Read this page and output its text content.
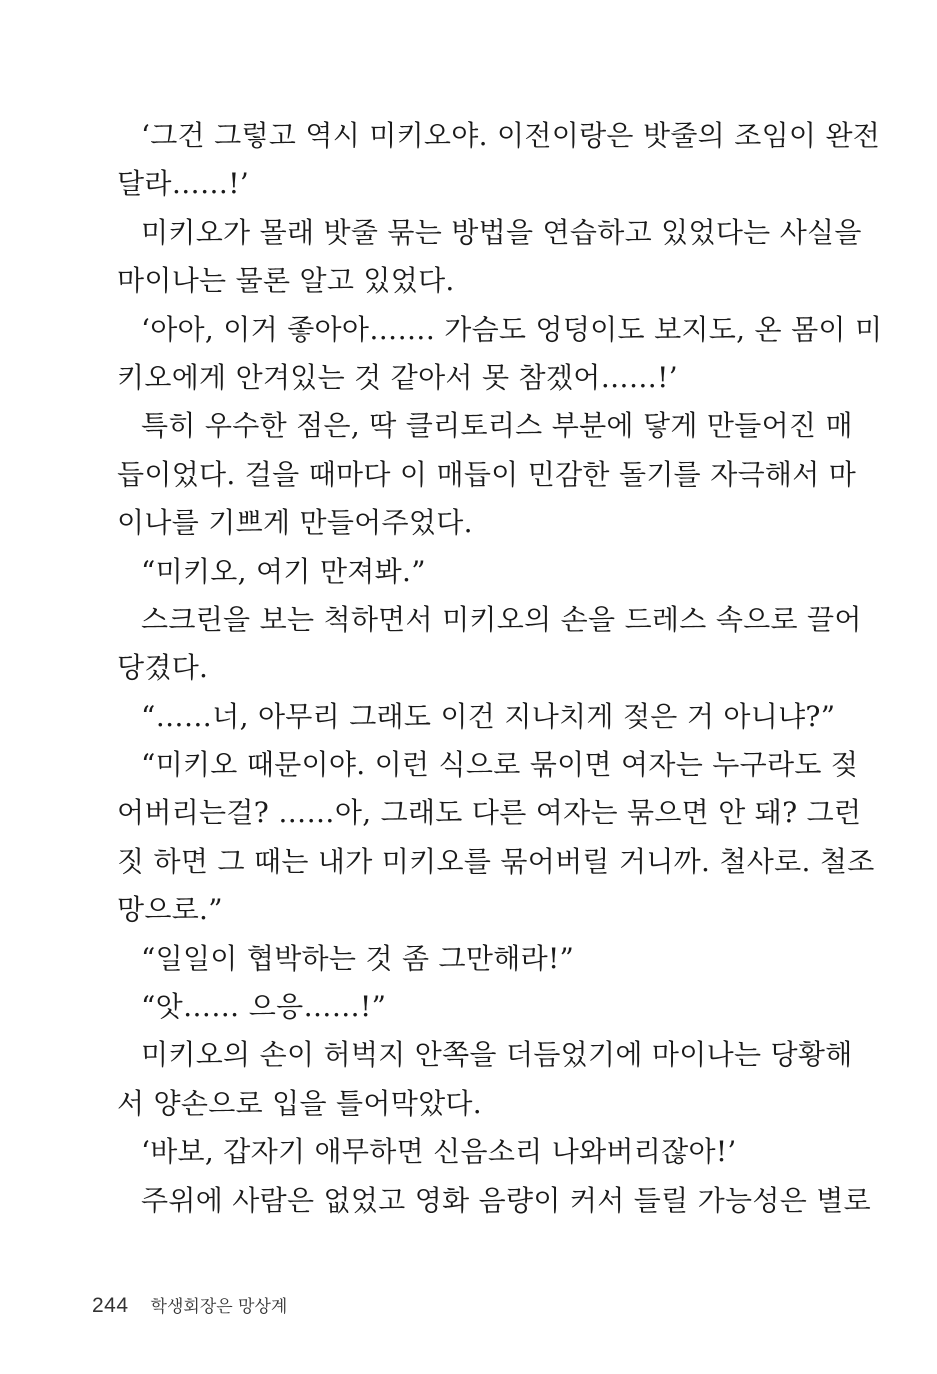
‘그건 그렇고 역시 미키오야. 이전이랑은 밧줄의 조임이 완전
달라……!’
미키오가 몰래 밧줄 묶는 방법을 연습하고 있었다는 사실을
마이나는 물론 알고 있었다.
‘아아, 이거 좋아아……. 가슴도 엉덩이도 보지도, 온 몸이 미
키오에게 안겨있는 것 같아서 못 참겠어……!’
특히 우수한 점은, 딱 클리토리스 부분에 닿게 만들어진 매
듭이었다. 걸을 때마다 이 매듭이 민감한 돌기를 자극해서 마
이나를 기쁘게 만들어주었다.
“미키오, 여기 만져봐.”
스크린을 보는 척하면서 미키오의 손을 드레스 속으로 끌어
당겼다.
“……너, 아무리 그래도 이건 지나치게 젖은 거 아니냐?”
“미키오 때문이야. 이런 식으로 묶이면 여자는 누구라도 젖
어버리는걸? ……아, 그래도 다른 여자는 묶으면 안 돼? 그런
짓 하면 그 때는 내가 미키오를 묶어버릴 거니까. 철사로. 철조
망으로.”
“일일이 협박하는 것 좀 그만해라!”
“앗…… 으응……!”
미키오의 손이 허벅지 안쪽을 더듬었기에 마이나는 당황해
서 양손으로 입을 틀어막았다.
‘바보, 갑자기 애무하면 신음소리 나와버리잖아!’
주위에 사람은 없었고 영화 음량이 커서 들릴 가능성은 별로
244 학생회장은 망상계
